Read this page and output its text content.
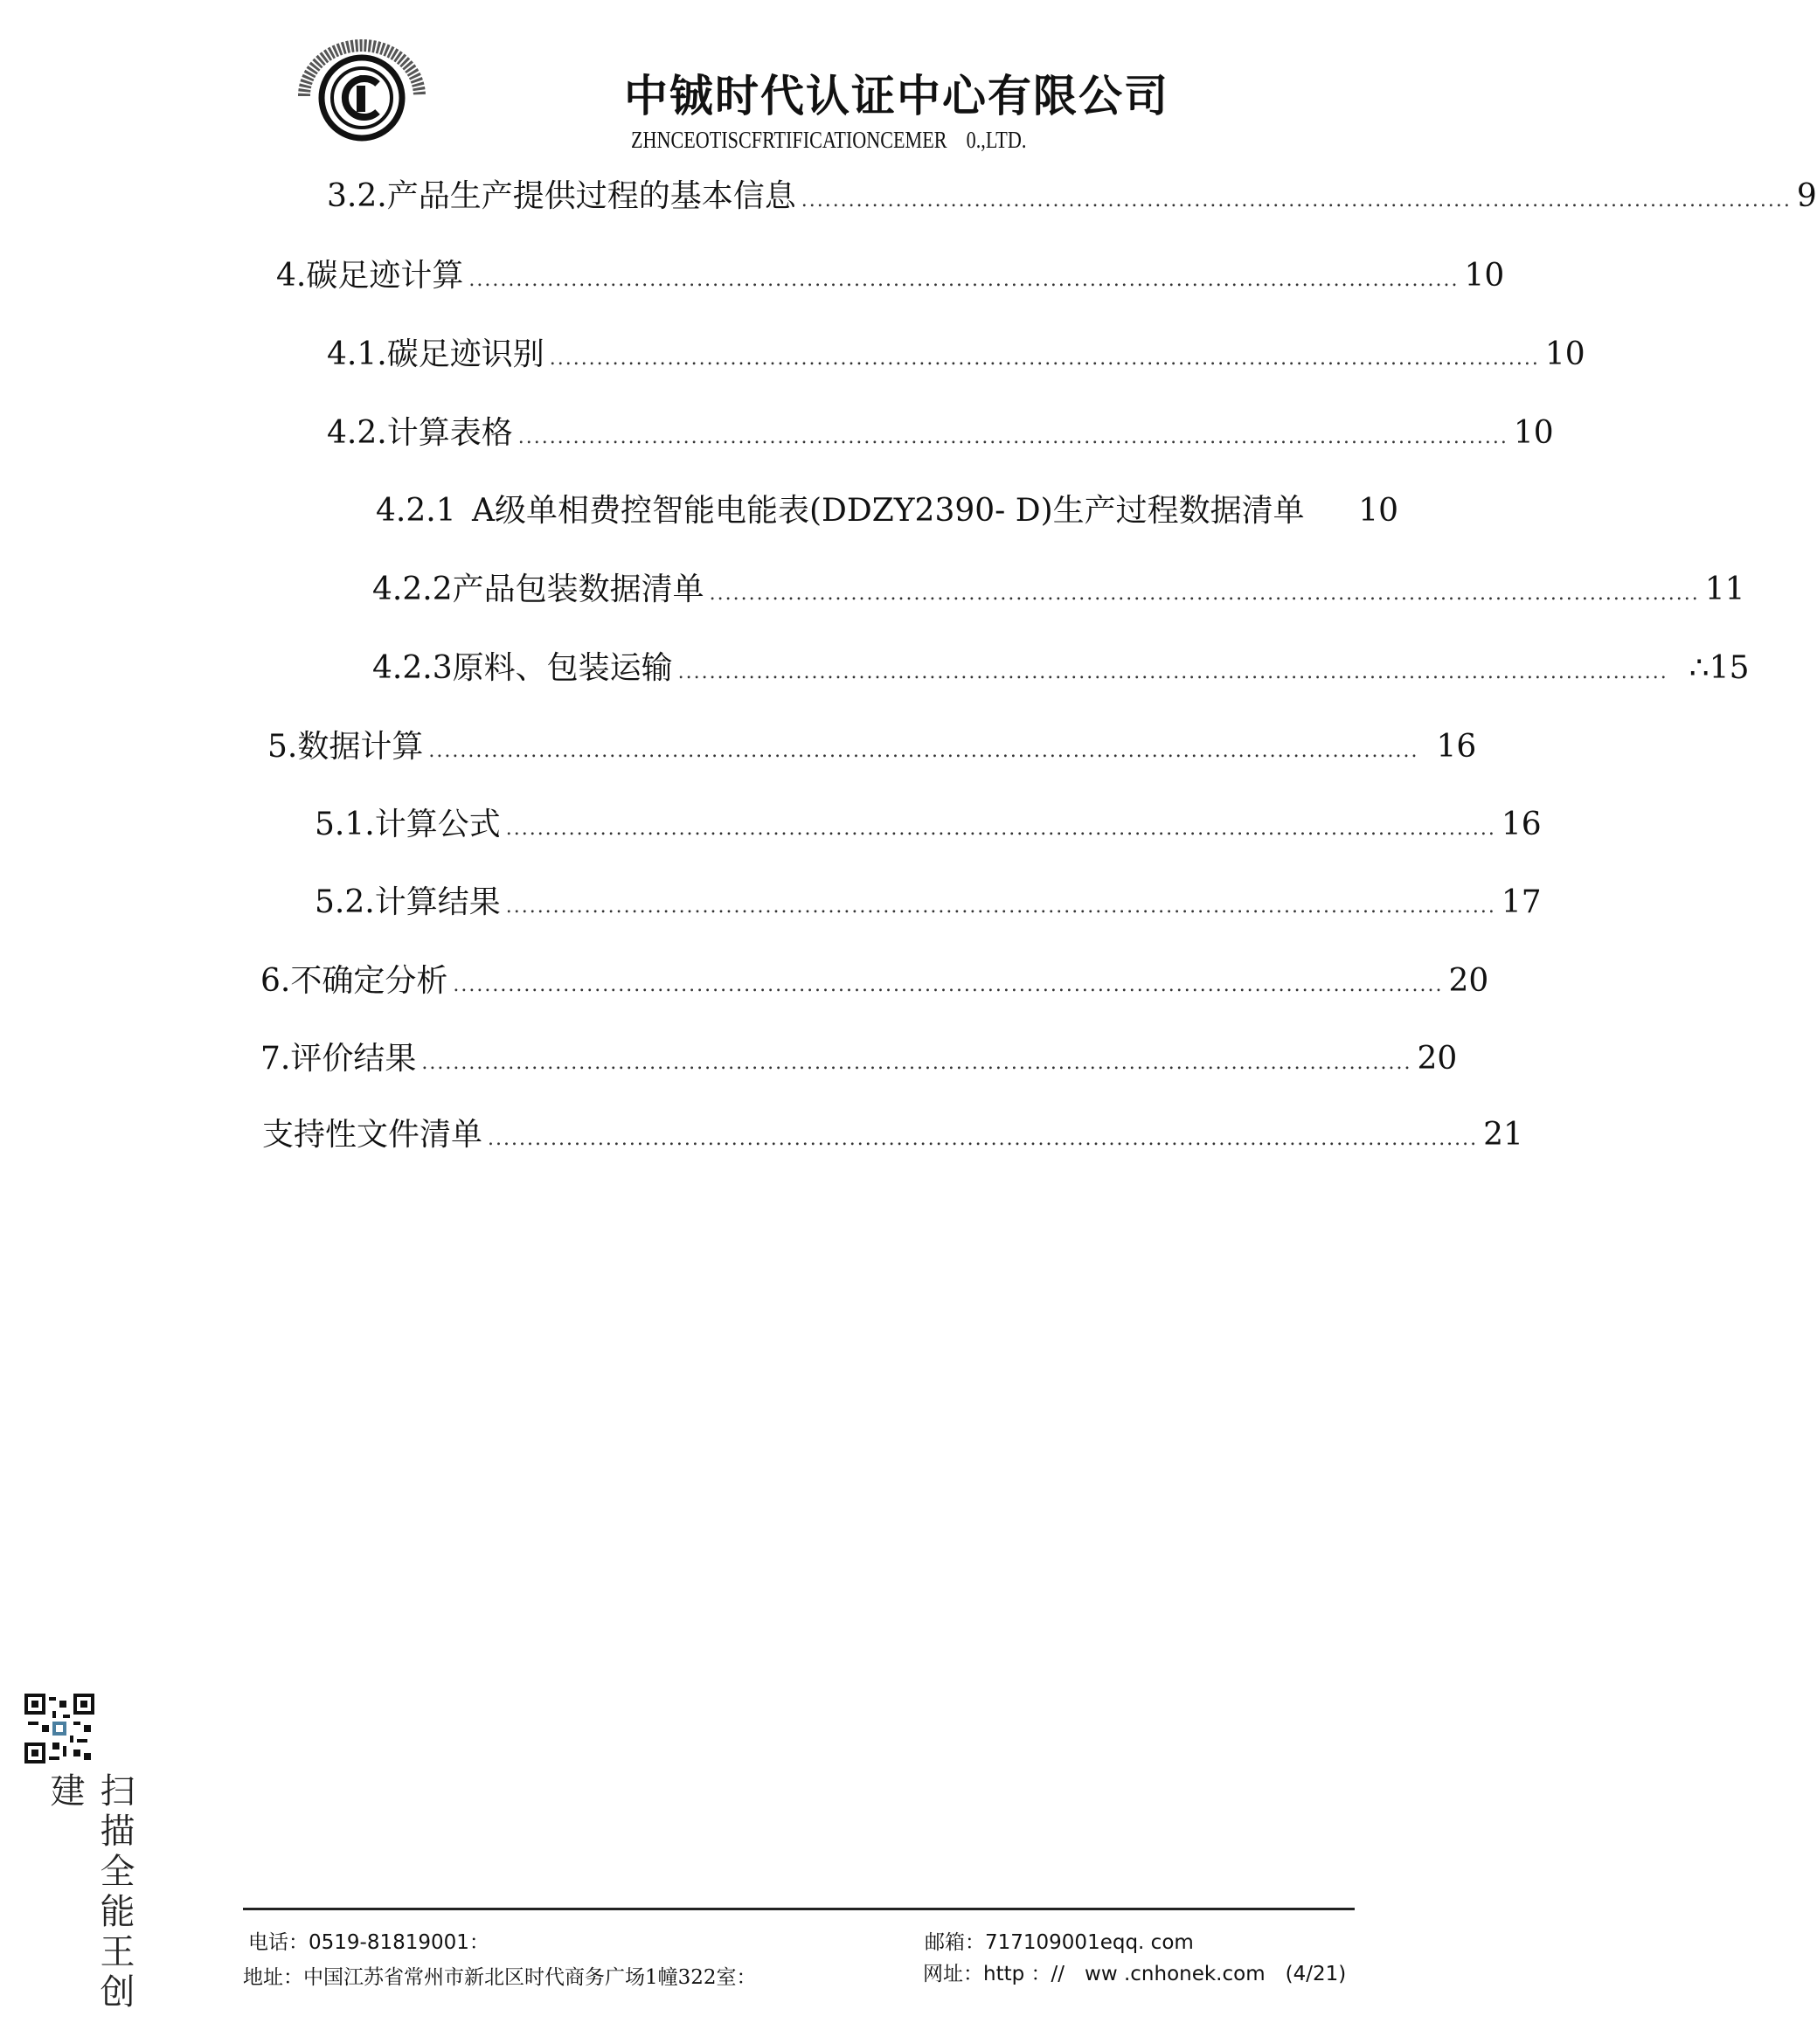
C
中铖时代认证中心有限公司
ZHNCEOTISCFRTIFICATIONCEMER　0.,LTD.
3.2. 产品生产提供过程的基本信息 .............................................................................................................................. 9
4. 碳足迹计算 .............................................................................................................................. 10
4.1. 碳足迹识别 .............................................................................................................................. 10
4.2. 计算表格 .............................................................................................................................. 10
4.2.1 A级单相费控智能电能表(DDZY2390- D)生产过程数据清单 10
4.2.2 产品包装数据清单 .............................................................................................................................. 11
4.2.3 原料、包装运输 .............................................................................................................................. ∴15
5. 数据计算 .............................................................................................................................. 16
5.1. 计算公式 .............................................................................................................................. 16
5.2. 计算结果 .............................................................................................................................. 17
6. 不确定分析 .............................................................................................................................. 20
7. 评价结果 .............................................................................................................................. 20
支持性文件清单 .............................................................................................................................. 21
扫描全能王创建
电话：0519-81819001：	邮箱：717109001eqq. com
地址：中国江苏省常州市新北区时代商务广场1幢322室：	网址：http ：//　ww .cnhonek.com　(4/21)
